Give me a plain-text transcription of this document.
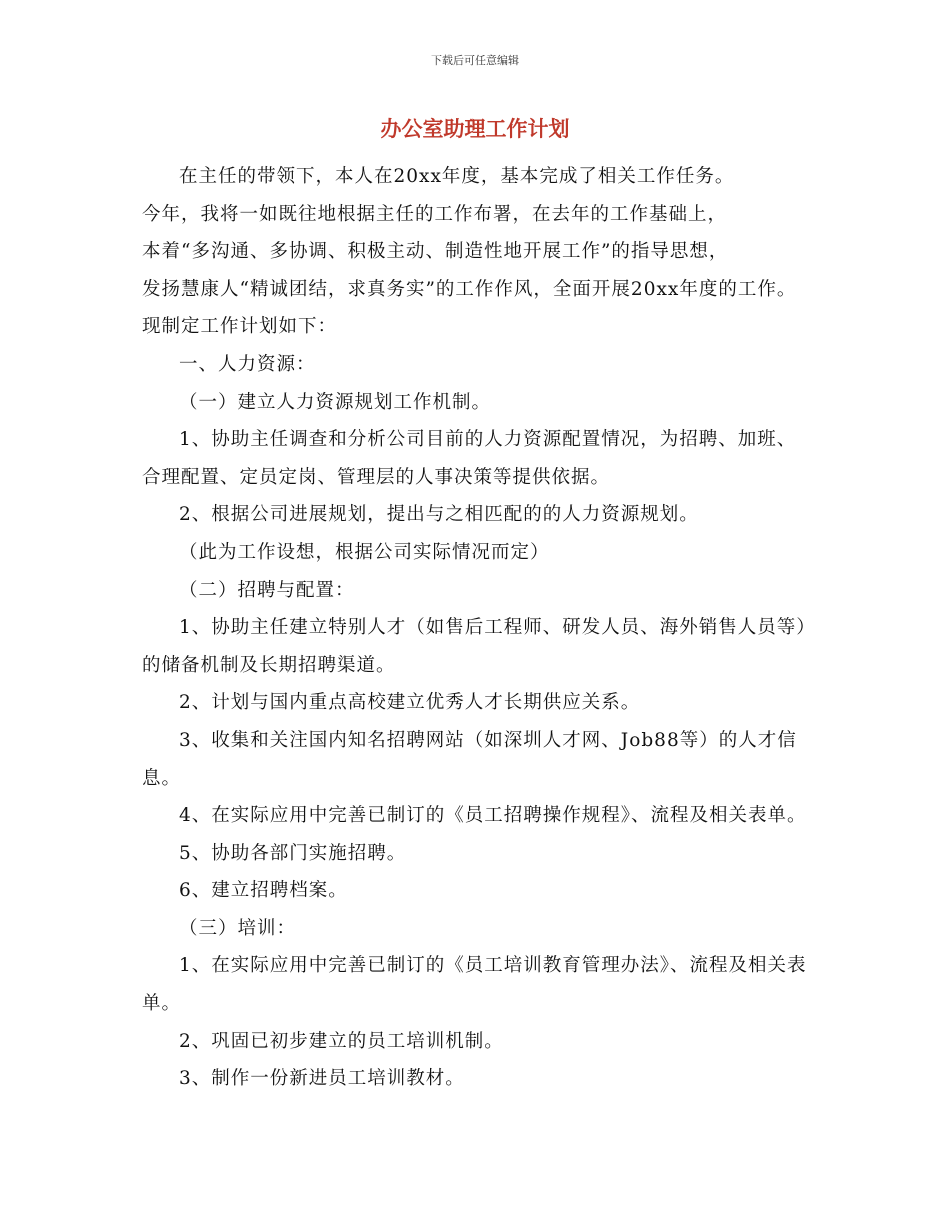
下载后可任意编辑
办公室助理工作计划

在主任的带领下，本人在20xx年度，基本完成了相关工作任务。

今年，我将一如既往地根据主任的工作布署，在去年的工作基础上，

本着“多沟通、多协调、积极主动、制造性地开展工作”的指导思想，

发扬慧康人“精诚团结，求真务实”的工作作风，全面开展20xx年度的工作。现制定工作计划如下：

一、人力资源：

（一）建立人力资源规划工作机制。

1、协助主任调查和分析公司目前的人力资源配置情况，为招聘、加班、合理配置、定员定岗、管理层的人事决策等提供依据。

2、根据公司进展规划，提出与之相匹配的的人力资源规划。

（此为工作设想，根据公司实际情况而定）

（二）招聘与配置：

1、协助主任建立特别人才（如售后工程师、研发人员、海外销售人员等）的储备机制及长期招聘渠道。

2、计划与国内重点高校建立优秀人才长期供应关系。

3、收集和关注国内知名招聘网站（如深圳人才网、Job88等）的人才信息。

4、在实际应用中完善已制订的《员工招聘操作规程》、流程及相关表单。

5、协助各部门实施招聘。

6、建立招聘档案。

（三）培训：

1、在实际应用中完善已制订的《员工培训教育管理办法》、流程及相关表单。

2、巩固已初步建立的员工培训机制。

3、制作一份新进员工培训教材。
